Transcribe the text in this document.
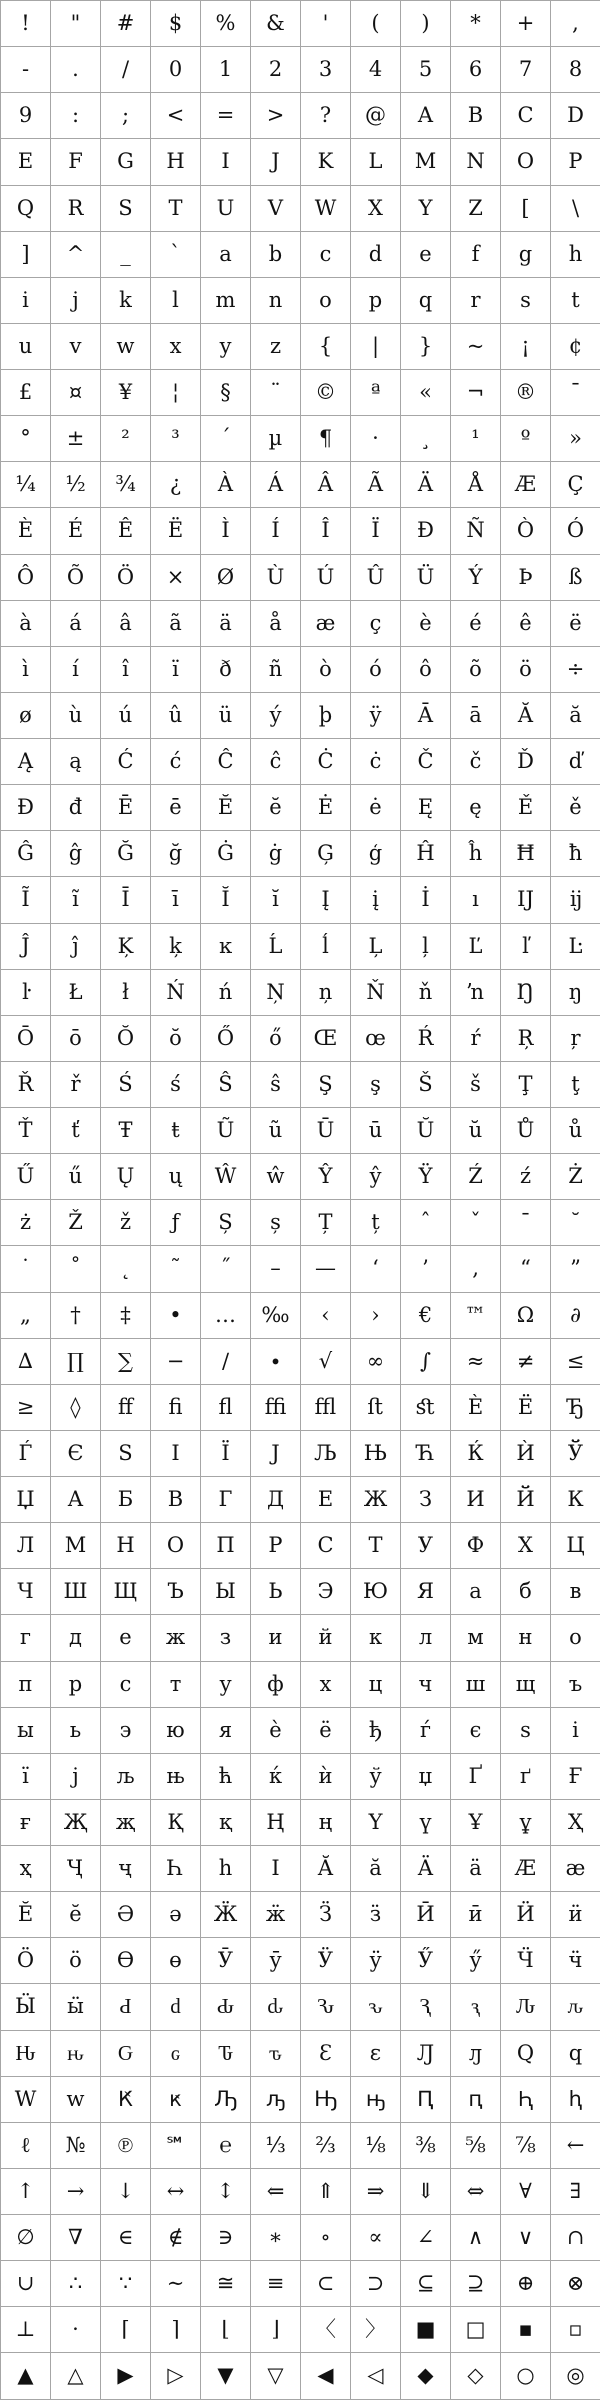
! " # $ % & ' ( ) * + ,
- . / 0 1 2 3 4 5 6 7 8
9 : ; < = > ? @ A B C D
E F G H I J K L M N O P
Q R S T U V W X Y Z [ \
] ^ _ ` a b c d e f g h
i j k l m n o p q r s t
u v w x y z { | } ~ ¡ ¢
£ ¤ ¥ ¦ § ¨ © ª « ¬ ® ¯
° ± ² ³ ´ µ ¶ · ¸ ¹ º »
¼ ½ ¾ ¿ À Á Â Ã Ä Å Æ Ç
È É Ê Ë Ì Í Î Ï Ð Ñ Ò Ó
Ô Õ Ö × Ø Ù Ú Û Ü Ý Þ ß
à á â ã ä å æ ç è é ê ë
ì í î ï ð ñ ò ó ô õ ö ÷
ø ù ú û ü ý þ ÿ Ā ā Ă ă
Ą ą Ć ć Ĉ ĉ Ċ ċ Č č Ď ď
Đ đ Ē ē Ĕ ĕ Ė ė Ę ę Ě ě
Ĝ ĝ Ğ ğ Ġ ġ Ģ ģ Ĥ ĥ Ħ ħ
Ĩ ĩ Ī ī Ĭ ĭ Į į İ ı Ĳ ĳ
Ĵ ĵ Ķ ķ ĸ Ĺ ĺ Ļ ļ Ľ ľ Ŀ
ŀ Ł ł Ń ń Ņ ņ Ň ň ŉ Ŋ ŋ
Ō ō Ŏ ŏ Ő ő Œ œ Ŕ ŕ Ŗ ŗ
Ř ř Ś ś Ŝ ŝ Ş ş Š š Ţ ţ
Ť ť Ŧ ŧ Ũ ũ Ū ū Ŭ ŭ Ů ů
Ű ű Ų ų Ŵ ŵ Ŷ ŷ Ÿ Ź ź Ż
ż Ž ž ƒ Ș ș Ț ț ˆ ˇ ˉ ˘
˙ ˚ ˛ ˜ ˝ – — ‘ ’ ‚ “ ”
„ † ‡ • … ‰ ‹ › € ™ Ω ∂
∆ ∏ ∑ − ∕ ∙ √ ∞ ∫ ≈ ≠ ≤
≥ ◊ ﬀ ﬁ ﬂ ﬃ ﬄ ﬅ ﬆ Ѐ Ё Ђ
Ѓ Є Ѕ І Ї Ј Љ Њ Ћ Ќ Ѝ Ў
Џ А Б В Г Д Е Ж З И Й К
Л М Н О П Р С Т У Ф Х Ц
Ч Ш Щ Ъ Ы Ь Э Ю Я а б в
г д е ж з и й к л м н о
п р с т у ф х ц ч ш щ ъ
ы ь э ю я ѐ ё ђ ѓ є ѕ і
ї ј љ њ ћ ќ ѝ ў џ Ґ ґ Ғ
ғ Җ җ Қ қ Ң ң Ү ү Ұ ұ Ҳ
ҳ Ҷ ҷ Һ һ Ӏ Ӑ ӑ Ӓ ӓ Ӕ ӕ
Ӗ ӗ Ә ә Ӝ ӝ Ӟ ӟ Ӣ ӣ Ӥ ӥ
Ӧ ӧ Ө ө Ӯ ӯ Ӱ ӱ Ӳ ӳ Ӵ ӵ
Ӹ ӹ Ԁ ԁ Ԃ ԃ Ԅ ԅ Ԇ ԇ Ԉ ԉ
Ԋ ԋ Ԍ ԍ Ԏ ԏ Ԑ ԑ Ԓ ԓ Ԛ ԛ
Ԝ ԝ Ԟ ԟ Ԡ ԡ Ԣ ԣ Ԥ ԥ Ԧ ԧ
ℓ № ℗ ℠ ℮ ⅓ ⅔ ⅛ ⅜ ⅝ ⅞ ←
↑ → ↓ ↔ ↕ ⇐ ⇑ ⇒ ⇓ ⇔ ∀ ∃
∅ ∇ ∈ ∉ ∋ ∗ ∘ ∝ ∠ ∧ ∨ ∩
∪ ∴ ∵ ∼ ≅ ≡ ⊂ ⊃ ⊆ ⊇ ⊕ ⊗
⊥ ⋅ ⌈ ⌉ ⌊ ⌋ 〈 〉 ■ □ ▪ ▫
▲ △ ▶ ▷ ▼ ▽ ◀ ◁ ◆ ◇ ○ ◎
